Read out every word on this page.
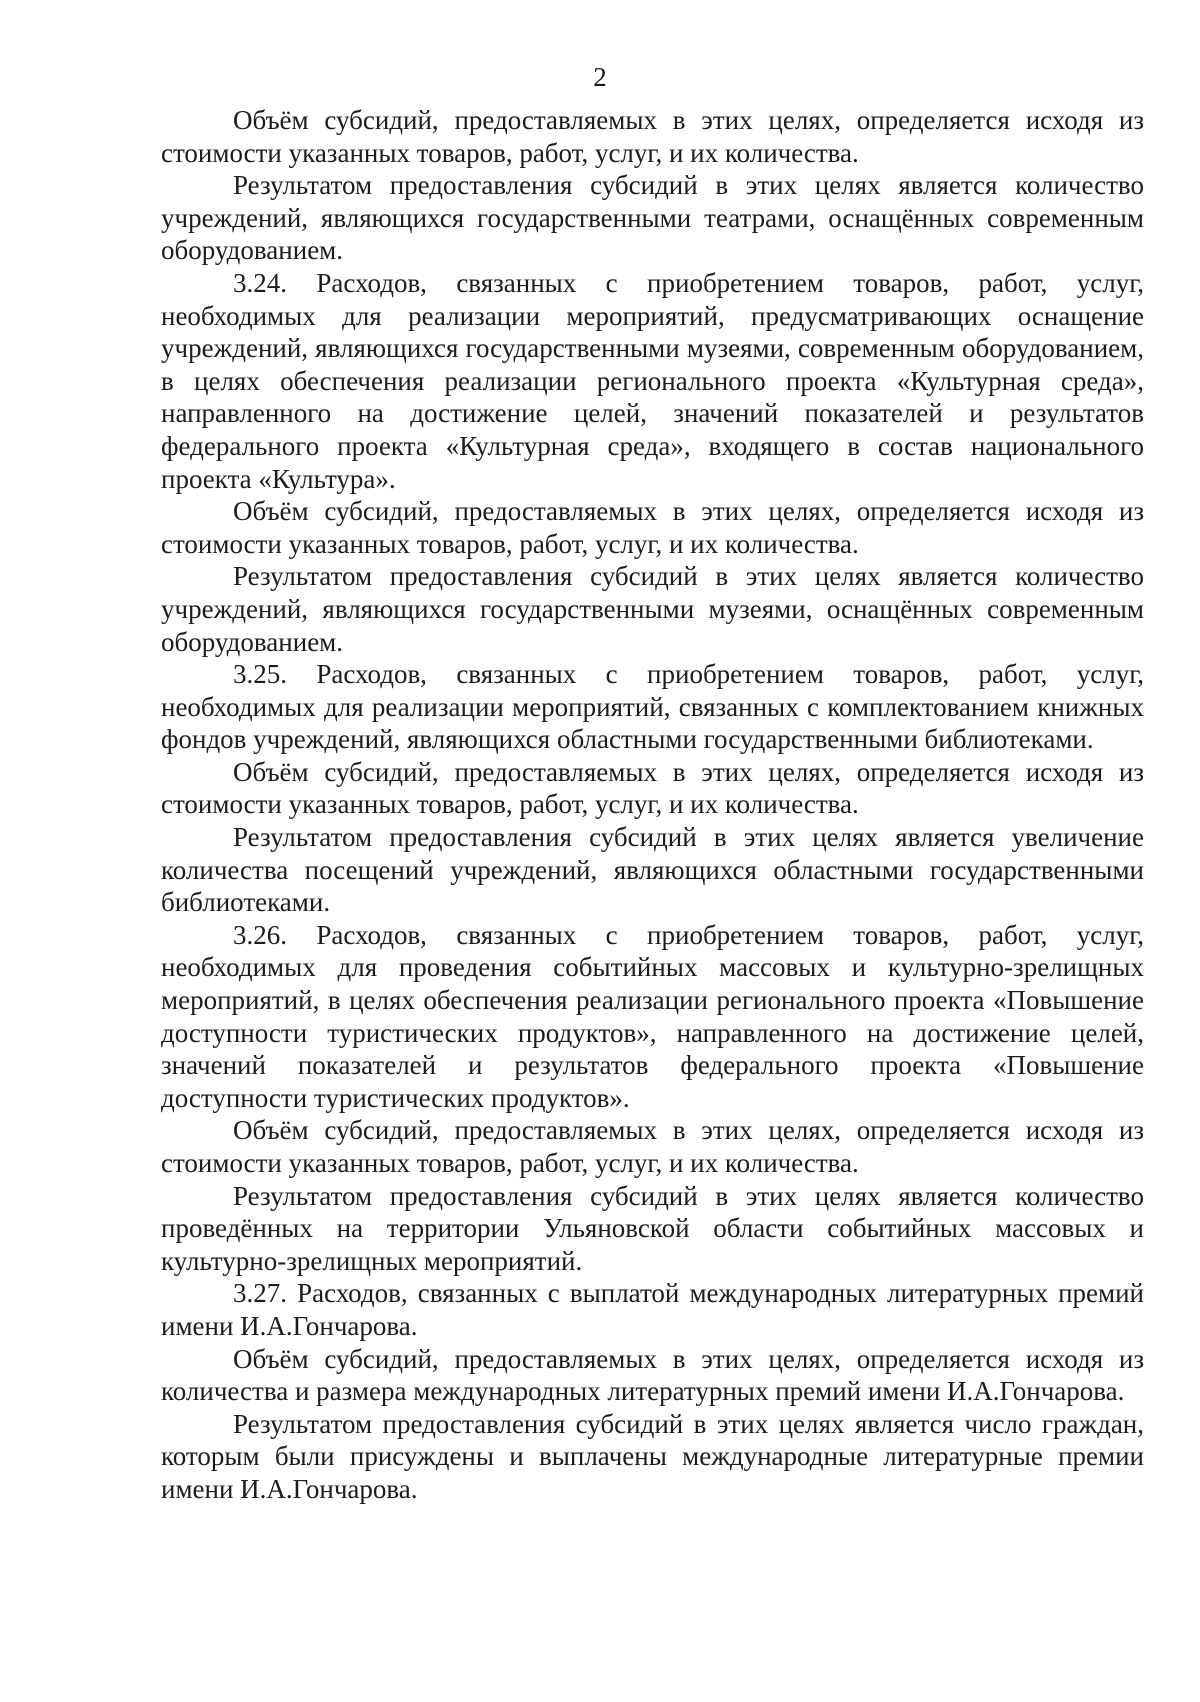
2

Объём субсидий, предоставляемых в этих целях, определяется исходя из стоимости указанных товаров, работ, услуг, и их количества.

Результатом предоставления субсидий в этих целях является количество учреждений, являющихся государственными театрами, оснащённых современным оборудованием.

3.24. Расходов, связанных с приобретением товаров, работ, услуг, необходимых для реализации мероприятий, предусматривающих оснащение учреждений, являющихся государственными музеями, современным оборудованием, в целях обеспечения реализации регионального проекта «Культурная среда», направленного на достижение целей, значений показателей и результатов федерального проекта «Культурная среда», входящего в состав национального проекта «Культура».

Объём субсидий, предоставляемых в этих целях, определяется исходя из стоимости указанных товаров, работ, услуг, и их количества.

Результатом предоставления субсидий в этих целях является количество учреждений, являющихся государственными музеями, оснащённых современным оборудованием.

3.25. Расходов, связанных с приобретением товаров, работ, услуг, необходимых для реализации мероприятий, связанных с комплектованием книжных фондов учреждений, являющихся областными государственными библиотеками.

Объём субсидий, предоставляемых в этих целях, определяется исходя из стоимости указанных товаров, работ, услуг, и их количества.

Результатом предоставления субсидий в этих целях является увеличение количества посещений учреждений, являющихся областными государственными библиотеками.

3.26. Расходов, связанных с приобретением товаров, работ, услуг, необходимых для проведения событийных массовых и культурно-зрелищных мероприятий, в целях обеспечения реализации регионального проекта «Повышение доступности туристических продуктов», направленного на достижение целей, значений показателей и результатов федерального проекта «Повышение доступности туристических продуктов».

Объём субсидий, предоставляемых в этих целях, определяется исходя из стоимости указанных товаров, работ, услуг, и их количества.

Результатом предоставления субсидий в этих целях является количество проведённых на территории Ульяновской области событийных массовых и культурно-зрелищных мероприятий.

3.27. Расходов, связанных с выплатой международных литературных премий имени И.А.Гончарова.

Объём субсидий, предоставляемых в этих целях, определяется исходя из количества и размера международных литературных премий имени И.А.Гончарова.

Результатом предоставления субсидий в этих целях является число граждан, которым были присуждены и выплачены международные литературные премии имени И.А.Гончарова.
